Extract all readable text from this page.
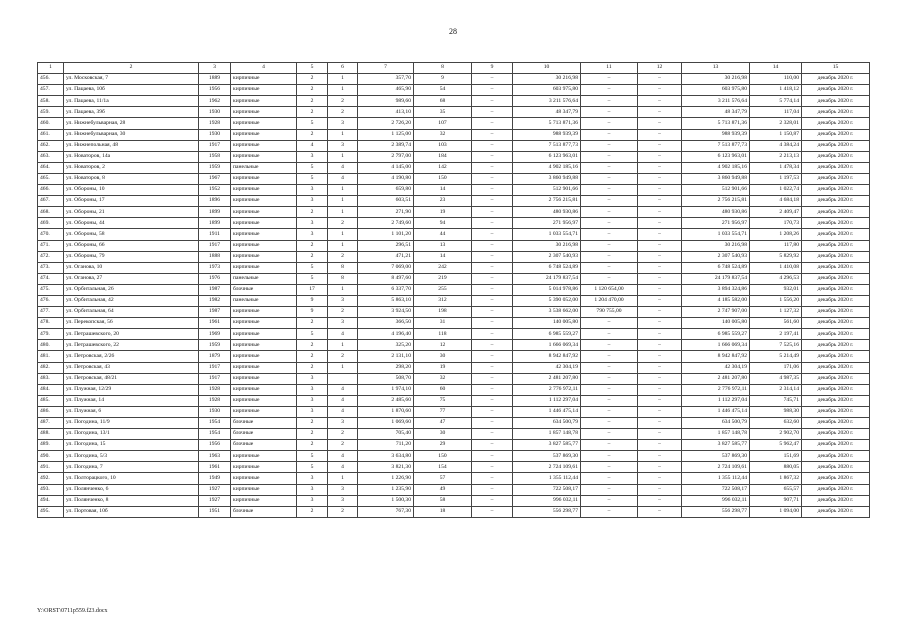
28
1	2	3	4	5	6	7	8	9	10	11	12	13	14	15
456.	ул. Московская, 7	1889	кирпичные	2	1	357,70	9	–	30 216,98	–	–	30 216,98	110,00	декабрь 2020 г.
457.	ул. Пацаева, 10б	1956	кирпичные	2	1	465,90	54	–	603 975,80	–	–	603 975,80	1 418,12	декабрь 2020 г.
458.	ул. Пацаева, 11/1а	1962	кирпичные	2	2	989,60	68	–	3 211 576,64	–	–	3 211 576,64	5 774,14	декабрь 2020 г.
459.	ул. Пацаева, 39б	1930	кирпичные	2	2	413,10	35	–	48 347,79	–	–	48 347,79	117,04	декабрь 2020 г.
460.	ул. Нижнебульварная, 28	1928	кирпичные	5	3	2 726,20	107	–	5 713 871,36	–	–	5 713 871,36	2 328,01	декабрь 2020 г.
461.	ул. Нижнебульварная, 30	1930	кирпичные	2	1	1 125,00	32	–	988 939,39	–	–	988 939,39	1 150,87	декабрь 2020 г.
462.	ул. Нижнепольная, 48	1917	кирпичные	4	3	2 389,74	103	–	7 513 877,73	–	–	7 513 877,73	4 384,24	декабрь 2020 г.
463.	ул. Новаторов, 14а	1958	кирпичные	3	1	2 797,00	184	–	6 123 963,01	–	–	6 123 963,01	2 213,13	декабрь 2020 г.
464.	ул. Новаторов, 2	1959	панельные	5	4	4 145,00	142	–	4 902 185,16	–	–	4 902 185,16	1 478,34	декабрь 2020 г.
465.	ул. Новаторов, 8	1967	кирпичные	5	4	4 190,80	150	–	3 860 949,88	–	–	3 860 949,88	1 197,53	декабрь 2020 г.
466.	ул. Обороны, 10	1952	кирпичные	3	1	659,80	14	–	512 901,66	–	–	512 901,66	1 022,74	декабрь 2020 г.
467.	ул. Обороны, 17	1896	кирпичные	3	1	603,51	23	–	2 756 215,81	–	–	2 756 215,81	4 684,18	декабрь 2020 г.
468.	ул. Обороны, 21	1899	кирпичные	2	1	271,90	19	–	480 930,86	–	–	480 930,86	2 409,47	декабрь 2020 г.
469.	ул. Обороны, 44	1899	кирпичные	3	2	2 749,60	94	–	271 956,97	–	–	271 956,97	170,73	декабрь 2020 г.
470.	ул. Обороны, 58	1911	кирпичные	3	1	1 101,20	44	–	1 033 554,71	–	–	1 033 554,71	1 208,26	декабрь 2020 г.
471.	ул. Обороны, 66	1917	кирпичные	2	1	296,51	13	–	30 216,98	–	–	30 216,98	117,80	декабрь 2020 г.
472.	ул. Обороны, 79	1888	кирпичные	2	2	471,21	14	–	2 307 540,93	–	–	2 307 540,93	5 829,92	декабрь 2020 г.
473.	ул. Оганова, 10	1973	кирпичные	5	8	7 069,00	242	–	6 748 524,89	–	–	6 748 524,89	1 410,08	декабрь 2020 г.
474.	ул. Оганова, 27	1976	панельные	5	8	8 497,60	219	–	24 179 837,54	–	–	24 179 837,54	4 296,53	декабрь 2020 г.
475.	ул. Орбитальная, 26	1987	блочные	17	1	6 337,70	255	–	5 014 978,86	1 120 654,00	–	3 894 324,86	932,01	декабрь 2020 г.
476.	ул. Орбитальная, 42	1982	панельные	9	3	5 863,10	312	–	5 390 052,00	1 204 470,00	–	4 185 582,00	1 556,20	декабрь 2020 г.
477.	ул. Орбитальная, 64	1987	кирпичные	9	2	3 924,50	198	–	3 538 662,00	790 755,00	–	2 747 907,00	1 127,32	декабрь 2020 г.
478.	ул. Перекопская, 56	1961	кирпичные	2	3	366,50	31	–	140 005,80	–	–	140 005,80	561,60	декабрь 2020 г.
479.	ул. Петрашевского, 20	1969	кирпичные	5	4	4 196,40	118	–	6 985 559,27	–	–	6 985 559,27	2 197,41	декабрь 2020 г.
480.	ул. Петрашевского, 22	1959	кирпичные	2	1	325,20	12	–	1 666 069,34	–	–	1 666 069,34	7 525,16	декабрь 2020 г.
481.	ул. Петровская, 2/26	1879	кирпичные	2	2	2 131,10	30	–	8 942 847,92	–	–	8 942 847,92	5 214,49	декабрь 2020 г.
482.	ул. Петровская, 43	1917	кирпичные	2	1	298,20	19	–	42 304,19	–	–	42 304,19	171,06	декабрь 2020 г.
483.	ул. Петровская, 48/21	1917	кирпичные	3		508,70	32	–	2 481 207,80	–	–	2 481 207,80	4 987,35	декабрь 2020 г.
484.	ул. Плужная, 12/29	1928	кирпичные	3	4	1 974,10	60	–	2 776 972,11	–	–	2 776 972,11	2 314,14	декабрь 2020 г.
485.	ул. Плужная, 14	1928	кирпичные	3	4	2 485,60	75	–	1 112 297,04	–	–	1 112 297,04	745,71	декабрь 2020 г.
486.	ул. Плужная, 6	1930	кирпичные	3	4	1 870,60	77	–	1 446 475,14	–	–	1 446 475,14	988,30	декабрь 2020 г.
487.	ул. Погодина, 11/9	1954	блочные	2	3	1 069,60	47	–	634 500,79	–	–	634 500,79	632,60	декабрь 2020 г.
488.	ул. Погодина, 13/1	1954	блочные	2	2	705,40	30	–	1 857 148,78	–	–	1 857 148,78	2 902,70	декабрь 2020 г.
489.	ул. Погодина, 15	1956	блочные	2	2	711,20	29	–	3 827 585,77	–	–	3 827 585,77	5 962,47	декабрь 2020 г.
490.	ул. Погодина, 5/3	1963	кирпичные	5	4	3 634,80	150	–	537 869,30	–	–	537 869,30	151,69	декабрь 2020 г.
491.	ул. Погодина, 7	1961	кирпичные	5	4	3 821,30	154	–	2 724 109,61	–	–	2 724 109,61	880,05	декабрь 2020 г.
492.	ул. Полторацкого, 10	1949	кирпичные	3	1	1 226,90	57	–	1 355 112,44	–	–	1 355 112,44	1 867,32	декабрь 2020 г.
493.	ул. Полянченко, 6	1927	кирпичные	3	3	1 235,90	49	–	722 508,17	–	–	722 508,17	655,57	декабрь 2020 г.
494.	ул. Полянченко, 8	1927	кирпичные	3	3	1 500,30	58	–	996 032,11	–	–	996 032,11	907,71	декабрь 2020 г.
495.	ул. Портовая, 10б	1951	блочные	2	2	767,30	18	–	556 298,77	–	–	556 298,77	1 094,00	декабрь 2020 г.
Y:\ORST\0711p559.f23.docx
